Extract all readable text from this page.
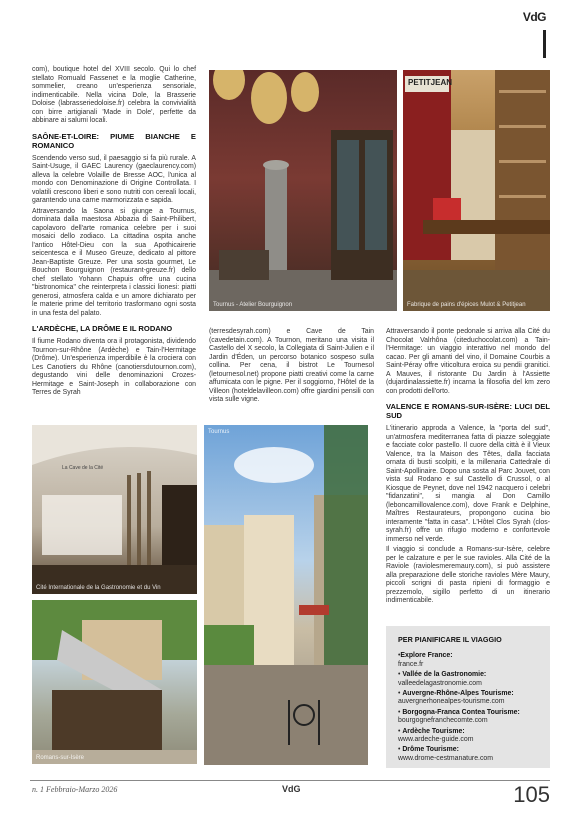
VdG

com), boutique hotel del XVIII secolo. Qui lo chef stellato Romuald Fassenet e la moglie Catherine, sommelier, creano un'esperienza sensoriale, indimenticabile. Nella vicina Dole, la Brasserie Doloise (labrasseriedoloise.fr) celebra la convivialità con birre artigianali 'Made in Dole', perfette da abbinare ai salumi locali.

SAÔNE-ET-LOIRE: PIUME BIANCHE E ROMANICO

Scendendo verso sud, il paesaggio si fa più rurale. A Saint-Usuge, il GAEC Laurency (gaeclaurency.com) alleva la celebre Volaille de Bresse AOC, l'unica al mondo con Denominazione di Origine Controllata. I volatili crescono liberi e sono nutriti con cereali locali, garantendo una carne marmorizzata e sapida.

Attraversando la Saona si giunge a Tournus, dominata dalla maestosa Abbazia di Saint-Philibert, capolavoro dell'arte romanica celebre per i suoi mosaici dello zodiaco. La cittadina ospita anche l'antico Hôtel-Dieu con la sua Apothicairerie seicentesca e il Museo Greuze, dedicato al pittore Jean-Baptiste Greuze. Per una sosta gourmet, Le Bouchon Bourguignon (restaurant-greuze.fr) dello chef stellato Yohann Chapuis offre una cucina "bistronomica" che reinterpreta i classici lionesi: piatti generosi, atmosfera calda e un amore dichiarato per le materie prime del territorio trasformano ogni sosta in una festa del palato.

L'ARDÈCHE, LA DRÔME E IL RODANO

Il fiume Rodano diventa ora il protagonista, dividendo Tournon-sur-Rhône (Ardèche) e Tain-l'Hermitage (Drôme). Un'esperienza imperdibile è la crociera con Les Canotiers du Rhône (canotiersdutournon.com), degustando vini delle denominazioni Crozes-Hermitage e Saint-Joseph in collaborazione con Terres de Syrah

(terresdesyrah.com) e Cave de Tain (cavedetain.com). A Tournon, meritano una visita il Castello del X secolo, la Collegiata di Saint-Julien e il Jardin d'Éden, un percorso botanico sospeso sulla collina. Per cena, il bistrot Le Tournesol (letournesol.net) propone piatti creativi come la carne affumicata con le pigne. Per il soggiorno, l'Hôtel de la Villeon (hoteldelavilleon.com) offre giardini pensili con vista sulle vigne.

Attraversando il ponte pedonale si arriva alla Cité du Chocolat Valrhôna (citeduchocolat.com) a Tain-l'Hermitage: un viaggio interattivo nel mondo del cacao. Per gli amanti del vino, il Domaine Courbis a Saint-Péray offre viticoltura eroica su pendii granitici. A Mauves, il ristorante Du Jardin à l'Assiette (dujardinalassiette.fr) incarna la filosofia del km zero con prodotti dell'orto.

VALENCE E ROMANS-SUR-ISÈRE: LUCI DEL SUD

L'itinerario approda a Valence, la "porta del sud", un'atmosfera mediterranea fatta di piazze soleggiate e facciate color pastello. Il cuore della città è il Vieux Valence, tra la Maison des Têtes, dalla facciata ornata di busti scolpiti, e la millenaria Cattedrale di Saint-Apollinaire. Dopo una sosta al Parc Jouvet, con vista sul Rodano e sul Castello di Crussol, o al Kiosque de Peynet, dove nel 1942 nacquero i celebri "fidanzatini", si mangia al Don Camillo (leboncamillovalence.com), dove Frank e Delphine, Maîtres Restaurateurs, propongono cucina bio interamente "fatta in casa". L'Hôtel Clos Syrah (clos-syrah.fr) offre un rifugio moderno e confortevole immerso nel verde.

Il viaggio si conclude a Romans-sur-Isère, celebre per le calzature e per le sue ravioles. Alla Cité de la Raviole (raviolesmeremaury.com), si può assistere alla preparazione delle storiche ravioles Mère Maury, piccoli scrigni di pasta ripieni di formaggio e prezzemolo, sigillo perfetto di un itinerario indimenticabile.

Tournus - Atelier Bourguignon
PETITJEAN
Fabrique de pains d'épices Mulot & Petitjean
La Cave de la Cité
Cité Internationale de la Gastronomie et du Vin
Tournus
Romans-sur-Isère
PER PIANIFICARE IL VIAGGIO
•Explore France:
france.fr
• Vallée de la Gastronomie:
valleedelagastronomie.com
• Auvergne-Rhône-Alpes Tourisme:
auvergnerhonealpes-tourisme.com
• Borgogna-Franca Contea Tourisme:
bourgognefranchecomte.com
• Ardèche Tourisme:
www.ardeche-guide.com
• Drôme Tourisme:
www.drome-cestmanature.com
n. 1 Febbraio-Marzo 2026	VdG	105
